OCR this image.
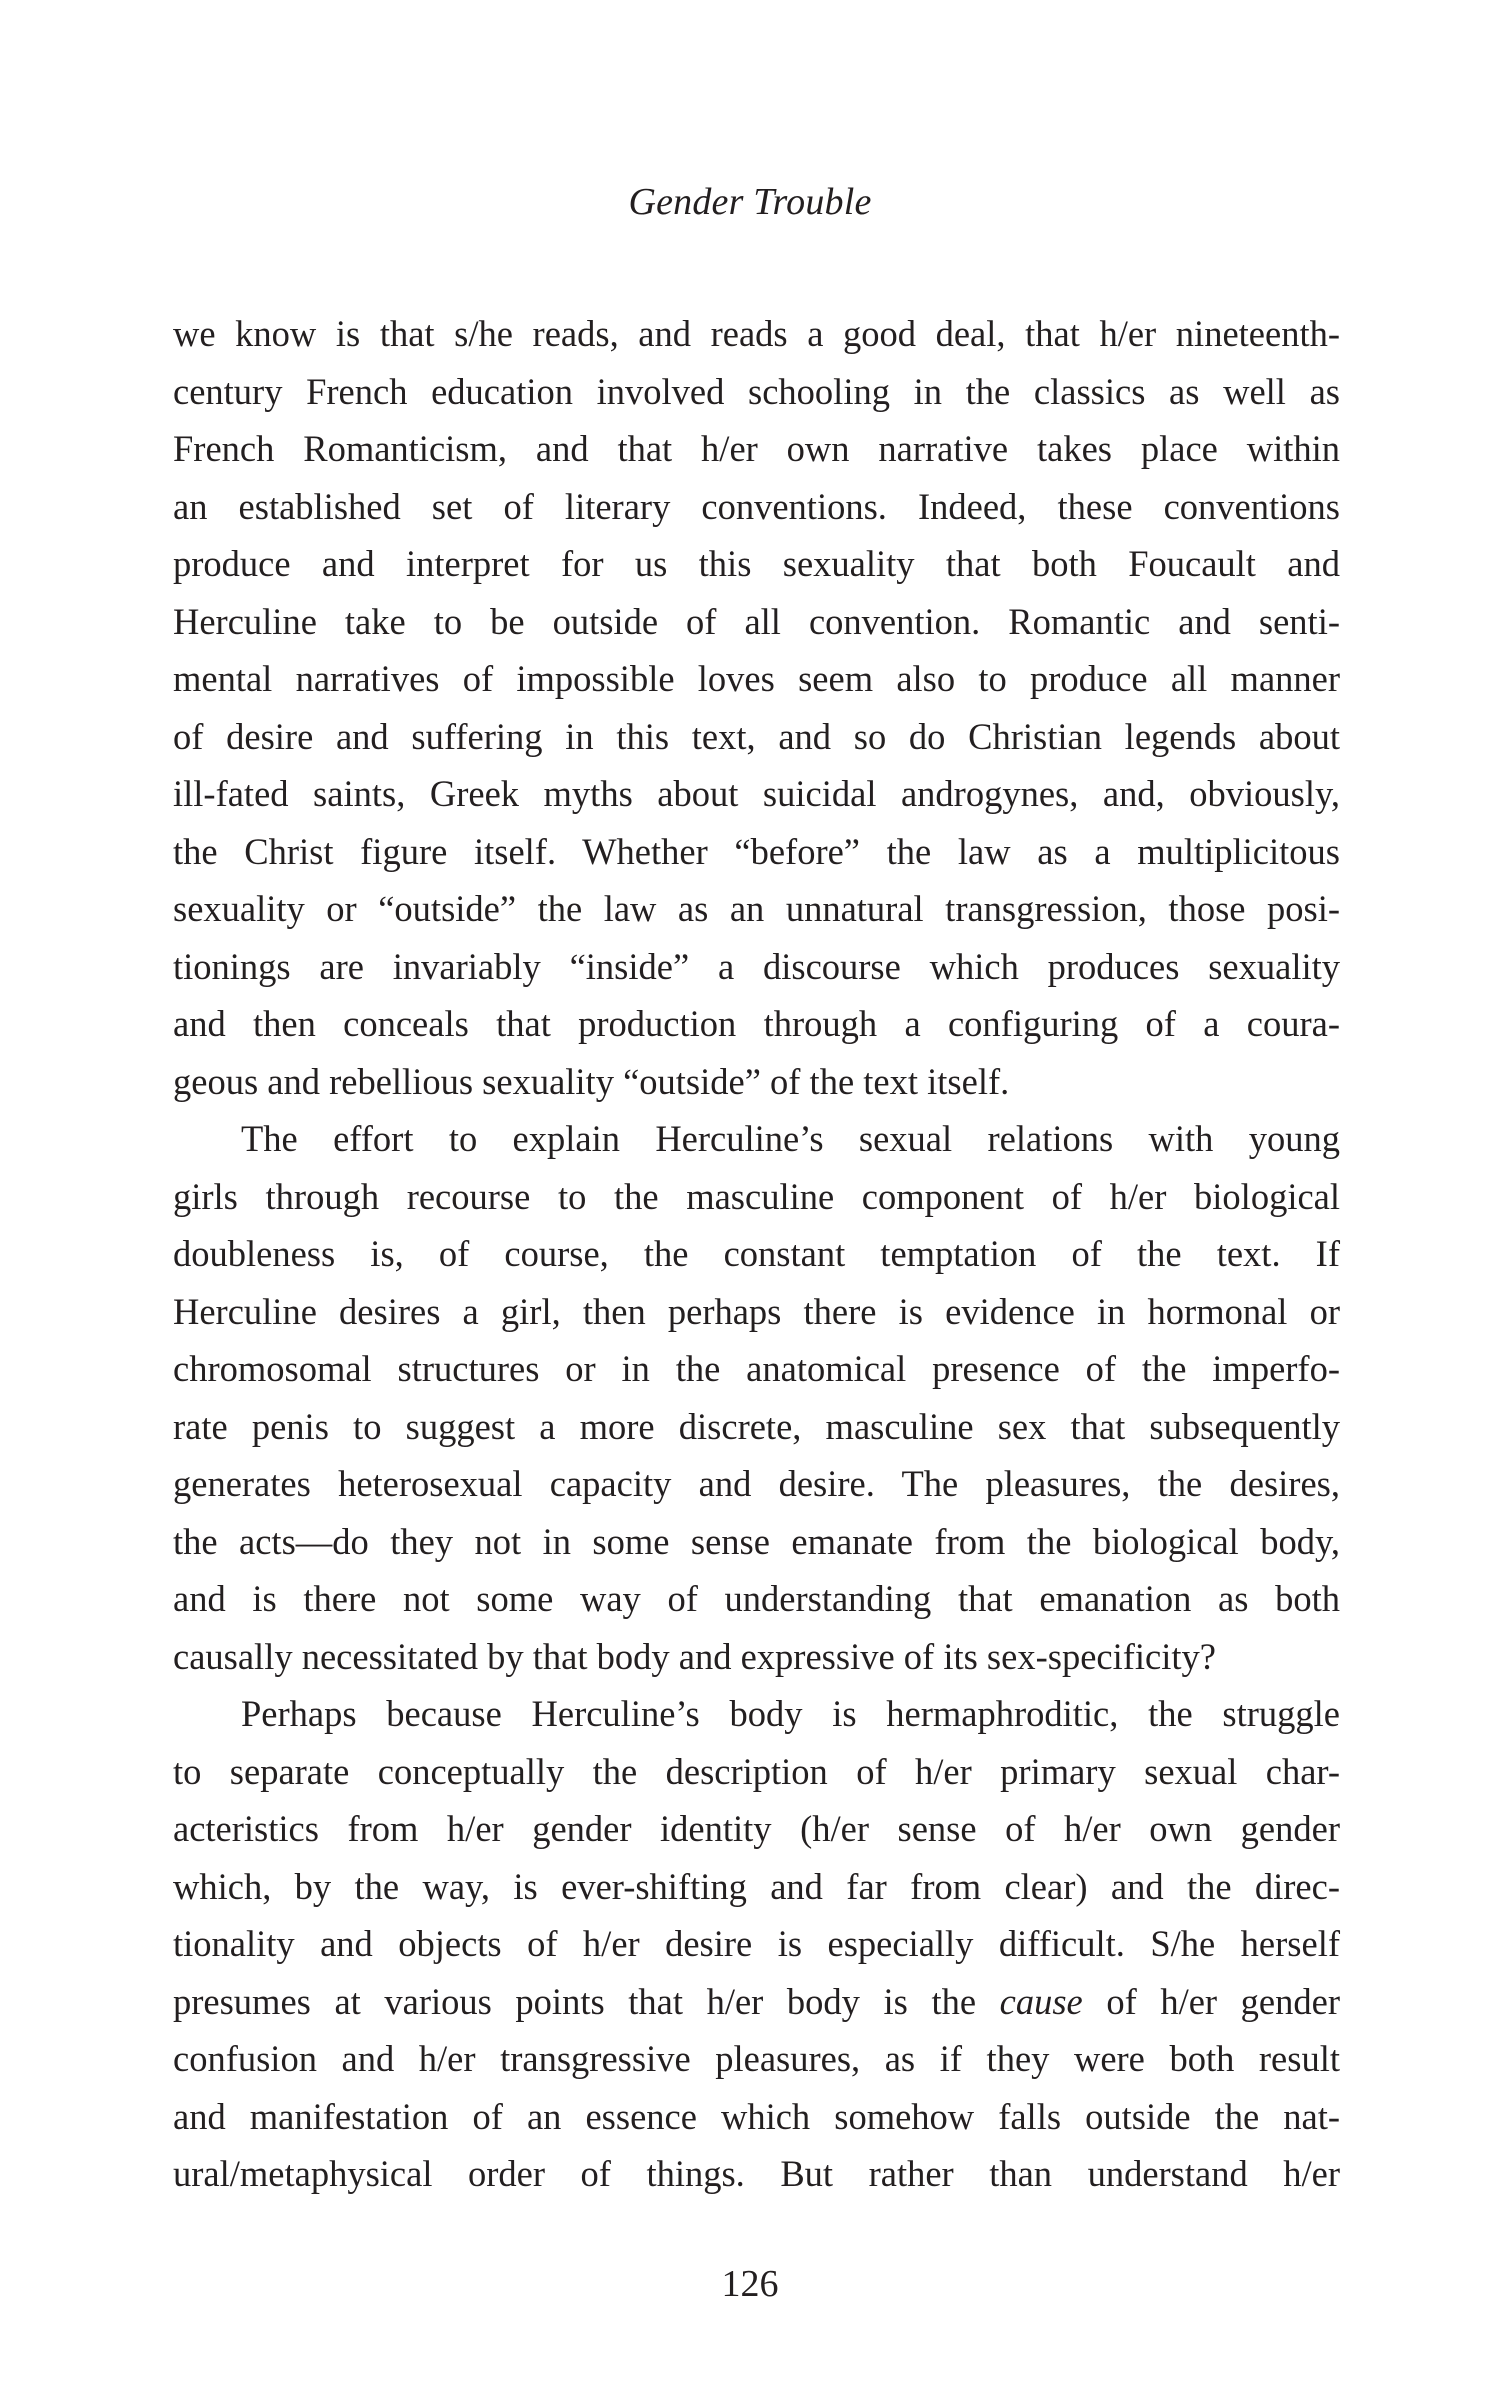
Gender Trouble
we know is that s/he reads, and reads a good deal, that h/er nineteenth-
century French education involved schooling in the classics as well as
French Romanticism, and that h/er own narrative takes place within
an established set of literary conventions. Indeed, these conventions
produce and interpret for us this sexuality that both Foucault and
Herculine take to be outside of all convention. Romantic and senti-
mental narratives of impossible loves seem also to produce all manner
of desire and suffering in this text, and so do Christian legends about
ill-fated saints, Greek myths about suicidal androgynes, and, obviously,
the Christ figure itself. Whether “before” the law as a multiplicitous
sexuality or “outside” the law as an unnatural transgression, those posi-
tionings are invariably “inside” a discourse which produces sexuality
and then conceals that production through a configuring of a coura-
geous and rebellious sexuality “outside” of the text itself.
The effort to explain Herculine’s sexual relations with young
girls through recourse to the masculine component of h/er biological
doubleness is, of course, the constant temptation of the text. If
Herculine desires a girl, then perhaps there is evidence in hormonal or
chromosomal structures or in the anatomical presence of the imperfo-
rate penis to suggest a more discrete, masculine sex that subsequently
generates heterosexual capacity and desire. The pleasures, the desires,
the acts—do they not in some sense emanate from the biological body,
and is there not some way of understanding that emanation as both
causally necessitated by that body and expressive of its sex-specificity?
Perhaps because Herculine’s body is hermaphroditic, the struggle
to separate conceptually the description of h/er primary sexual char-
acteristics from h/er gender identity (h/er sense of h/er own gender
which, by the way, is ever-shifting and far from clear) and the direc-
tionality and objects of h/er desire is especially difficult. S/he herself
presumes at various points that h/er body is the cause of h/er gender
confusion and h/er transgressive pleasures, as if they were both result
and manifestation of an essence which somehow falls outside the nat-
ural/metaphysical order of things. But rather than understand h/er
126
